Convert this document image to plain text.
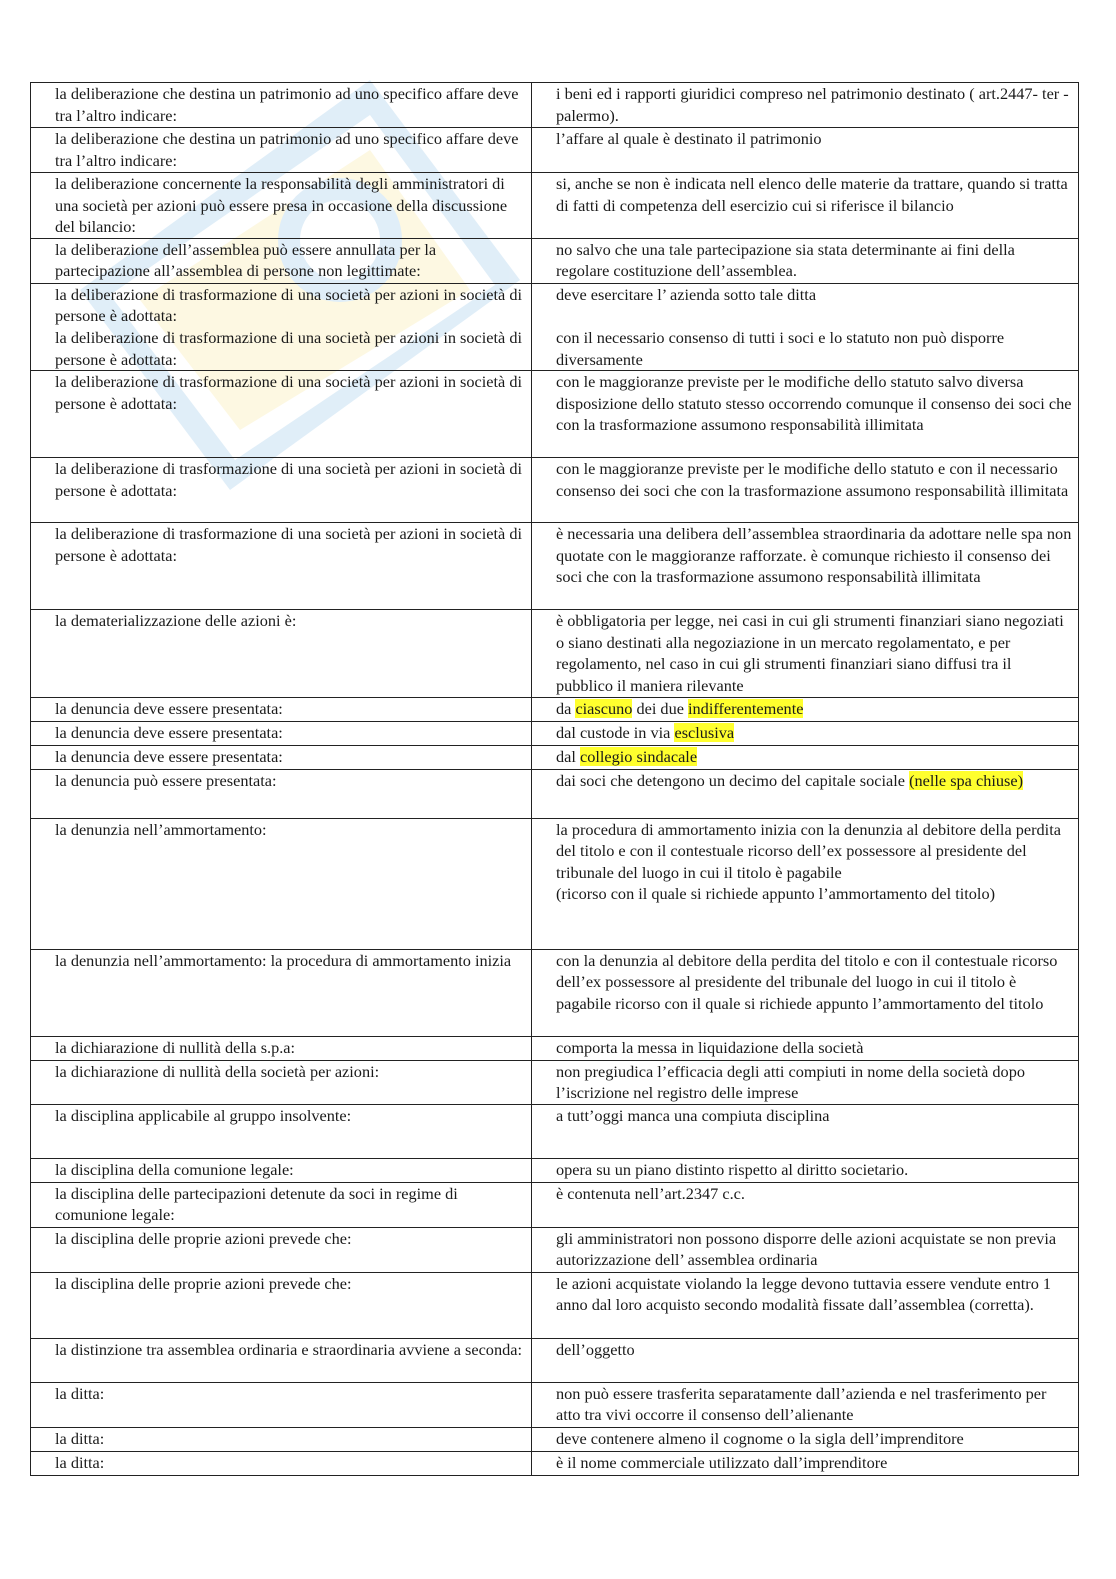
la deliberazione che destina un patrimonio ad uno specifico affare deve tra l’altro indicare:	i beni ed i rapporti giuridici compreso nel patrimonio destinato ( art.2447- ter - palermo).

la deliberazione che destina un patrimonio ad uno specifico affare deve tra l’altro indicare:	l’affare al quale è destinato il patrimonio

la deliberazione concernente la responsabilità degli amministratori di una società per azioni può essere presa in occasione della discussione del bilancio:	si, anche se non è indicata nell elenco delle materie da trattare, quando si tratta di fatti di competenza dell esercizio cui si riferisce il bilancio

la deliberazione dell’assemblea può essere annullata per la partecipazione all’assemblea di persone non legittimate:	no salvo che una tale partecipazione sia stata determinante ai fini della regolare costituzione dell’assemblea.

la deliberazione di trasformazione di una società per azioni in società di persone è adottata:	deve esercitare l’ azienda sotto tale ditta

la deliberazione di trasformazione di una società per azioni in società di persone è adottata:	con il necessario consenso di tutti i soci e lo statuto non può disporre diversamente

la deliberazione di trasformazione di una società per azioni in società di persone è adottata:	con le maggioranze previste per le modifiche dello statuto salvo diversa disposizione dello statuto stesso occorrendo comunque il consenso dei soci che con la trasformazione assumono responsabilità illimitata

la deliberazione di trasformazione di una società per azioni in società di persone è adottata:	con le maggioranze previste per le modifiche dello statuto e con il necessario consenso dei soci che con la trasformazione assumono responsabilità illimitata

la deliberazione di trasformazione di una società per azioni in società di persone è adottata:	è necessaria una delibera dell’assemblea straordinaria da adottare nelle spa non quotate con le maggioranze rafforzate. è comunque richiesto il consenso dei soci che con la trasformazione assumono responsabilità illimitata

la dematerializzazione delle azioni è:	è obbligatoria per legge, nei casi in cui gli strumenti finanziari siano negoziati o siano destinati alla negoziazione in un mercato regolamentato, e per regolamento, nel caso in cui gli strumenti finanziari siano diffusi tra il pubblico il maniera rilevante

la denuncia deve essere presentata:	da ciascuno dei due indifferentemente

la denuncia deve essere presentata:	dal custode in via esclusiva

la denuncia deve essere presentata:	dal collegio sindacale

la denuncia può essere presentata:	dai soci che detengono un decimo del capitale sociale (nelle spa chiuse)

la denunzia nell’ammortamento:	la procedura di ammortamento inizia con la denunzia al debitore della perdita del titolo e con il contestuale ricorso dell’ex possessore al presidente del tribunale del luogo in cui il titolo è pagabile
(ricorso con il quale si richiede appunto l’ammortamento del titolo)

la denunzia nell’ammortamento: la procedura di ammortamento inizia	con la denunzia al debitore della perdita del titolo e con il contestuale ricorso dell’ex possessore al presidente del tribunale del luogo in cui il titolo è pagabile ricorso con il quale si richiede appunto l’ammortamento del titolo

la dichiarazione di nullità della s.p.a:	comporta la messa in liquidazione della società

la dichiarazione di nullità della società per azioni:	non pregiudica l’efficacia degli atti compiuti in nome della società dopo l’iscrizione nel registro delle imprese

la disciplina applicabile al gruppo insolvente:	a tutt’oggi manca una compiuta disciplina

la disciplina della comunione legale:	opera su un piano distinto rispetto al diritto societario.

la disciplina delle partecipazioni detenute da soci in regime di comunione legale:	è contenuta nell’art.2347 c.c.

la disciplina delle proprie azioni prevede che:	gli amministratori non possono disporre delle azioni acquistate se non previa autorizzazione dell’ assemblea ordinaria

la disciplina delle proprie azioni prevede che:	le azioni acquistate violando la legge devono tuttavia essere vendute entro 1 anno dal loro acquisto secondo modalità fissate dall’assemblea (corretta).

la distinzione tra assemblea ordinaria e straordinaria avviene a seconda:	dell’oggetto

la ditta:	non può essere trasferita separatamente dall’azienda e nel trasferimento per atto tra vivi occorre il consenso dell’alienante

la ditta:	deve contenere almeno il cognome o la sigla dell’imprenditore

la ditta:	è il nome commerciale utilizzato dall’imprenditore
